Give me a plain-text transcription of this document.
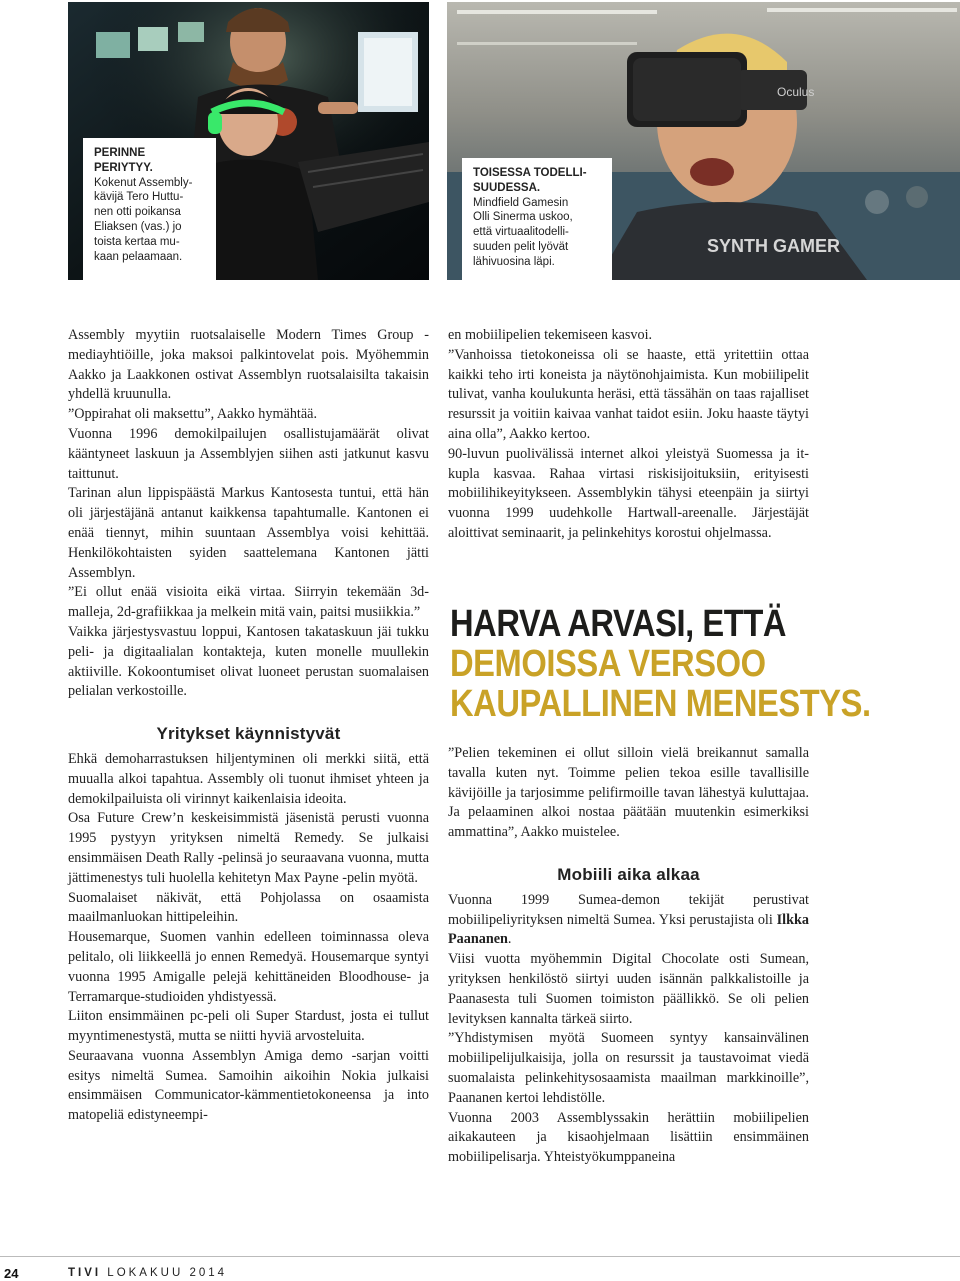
PERINNE PERIYTYY.
Kokenut Assembly-
kävijä Tero Huttu-
nen otti poikansa
Eliaksen (vas.) jo
toista kertaa mu-
kaan pelaamaan.
SYNTH GAMER
Oculus
TOISESSA TODELLI-
SUUDESSA.
Mindfield Gamesin
Olli Sinerma uskoo,
että virtuaalitodelli-
suuden pelit lyövät
lähivuosina läpi.

Assembly myytiin ruotsalaiselle Modern Times Group -mediayhtiöille, joka maksoi palkintovelat pois. Myöhemmin Aakko ja Laakkonen ostivat Assemblyn ruotsalaisilta takaisin yhdellä kruunulla.

”Oppirahat oli maksettu”, Aakko hymähtää.

Vuonna 1996 demokilpailujen osallistujamäärät olivat kääntyneet laskuun ja Assemblyjen siihen asti jatkunut kasvu taittunut.

Tarinan alun lippispäästä Markus Kantosesta tuntui, että hän oli järjestäjänä antanut kaikkensa tapahtumalle. Kantonen ei enää tiennyt, mihin suuntaan Assemblya voisi kehittää. Henkilökohtaisten syiden saattelemana Kantonen jätti Assemblyn.

”Ei ollut enää visioita eikä virtaa. Siirryin tekemään 3d-malleja, 2d-grafiikkaa ja melkein mitä vain, paitsi musiikkia.”

Vaikka järjestysvastuu loppui, Kantosen takataskuun jäi tukku peli- ja digitaalialan kontakteja, kuten monelle muullekin aktiiville. Kokoontumiset olivat luoneet perustan suomalaisen pelialan verkostoille.

Yritykset käynnistyvät

Ehkä demoharrastuksen hiljentyminen oli merkki siitä, että muualla alkoi tapahtua. Assembly oli tuonut ihmiset yhteen ja demokilpailuista oli virinnyt kaikenlaisia ideoita.

Osa Future Crew’n keskeisimmistä jäsenistä perusti vuonna 1995 pystyyn yrityksen nimeltä Remedy. Se julkaisi ensimmäisen Death Rally -pelinsä jo seuraavana vuonna, mutta jättimenestys tuli huolella kehitetyn Max Payne -pelin myötä.

Suomalaiset näkivät, että Pohjolassa on osaamista maailmanluokan hittipeleihin.

Housemarque, Suomen vanhin edelleen toiminnassa oleva pelitalo, oli liikkeellä jo ennen Remedyä. Housemarque syntyi vuonna 1995 Amigalle pelejä kehittäneiden Bloodhouse- ja Terramarque-studioiden yhdistyessä.

Liiton ensimmäinen pc-peli oli Super Stardust, josta ei tullut myyntimenestystä, mutta se niitti hyviä arvosteluita.

Seuraavana vuonna Assemblyn Amiga demo -sarjan voitti esitys nimeltä Sumea. Samoihin aikoihin Nokia julkaisi ensimmäisen Communicator-kämmentietokoneensa ja into matopeliä edistyneempi-

en mobiilipelien tekemiseen kasvoi.

”Vanhoissa tietokoneissa oli se haaste, että yritettiin ottaa kaikki teho irti koneista ja näytönohjaimista. Kun mobiilipelit tulivat, vanha koulukunta heräsi, että tässähän on taas rajalliset resurssit ja voitiin kaivaa vanhat taidot esiin. Joku haaste täytyi aina olla”, Aakko kertoo.

90-luvun puolivälissä internet alkoi yleistyä Suomessa ja it-kupla kasvaa. Rahaa virtasi riskisijoituksiin, erityisesti mobiilihikeyitykseen. Assemblykin tähysi eteenpäin ja siirtyi vuonna 1999 uudehkolle Hartwall-areenalle. Järjestäjät aloittivat seminaarit, ja pelinkehitys korostui ohjelmassa.

HARVA ARVASI, ETTÄ DEMOISSA VERSOO KAUPALLINEN MENESTYS.

”Pelien tekeminen ei ollut silloin vielä breikannut samalla tavalla kuten nyt. Toimme pelien tekoa esille tavallisille kävijöille ja tarjosimme pelifirmoille tavan lähestyä kuluttajaa. Ja pelaaminen alkoi nostaa päätään muutenkin esimerkiksi ammattina”, Aakko muistelee.

Mobiili aika alkaa

Vuonna 1999 Sumea-demon tekijät perustivat mobiilipeliyrityksen nimeltä Sumea. Yksi perustajista oli Ilkka Paananen.

Viisi vuotta myöhemmin Digital Chocolate osti Sumean, yrityksen henkilöstö siirtyi uuden isännän palkkalistoille ja Paanasesta tuli Suomen toimiston päällikkö. Se oli pelien levityksen kannalta tärkeä siirto.

”Yhdistymisen myötä Suomeen syntyy kansainvälinen mobiilipelijulkaisija, jolla on resurssit ja taustavoimat viedä suomalaista pelinkehitysosaamista maailman markkinoille”, Paananen kertoi lehdistölle.

Vuonna 2003 Assemblyssakin herättiin mobiilipelien aikakauteen ja kisaohjelmaan lisättiin ensimmäinen mobiilipelisarja. Yhteistyökumppaneina

24	TIVI LOKAKUU 2014
